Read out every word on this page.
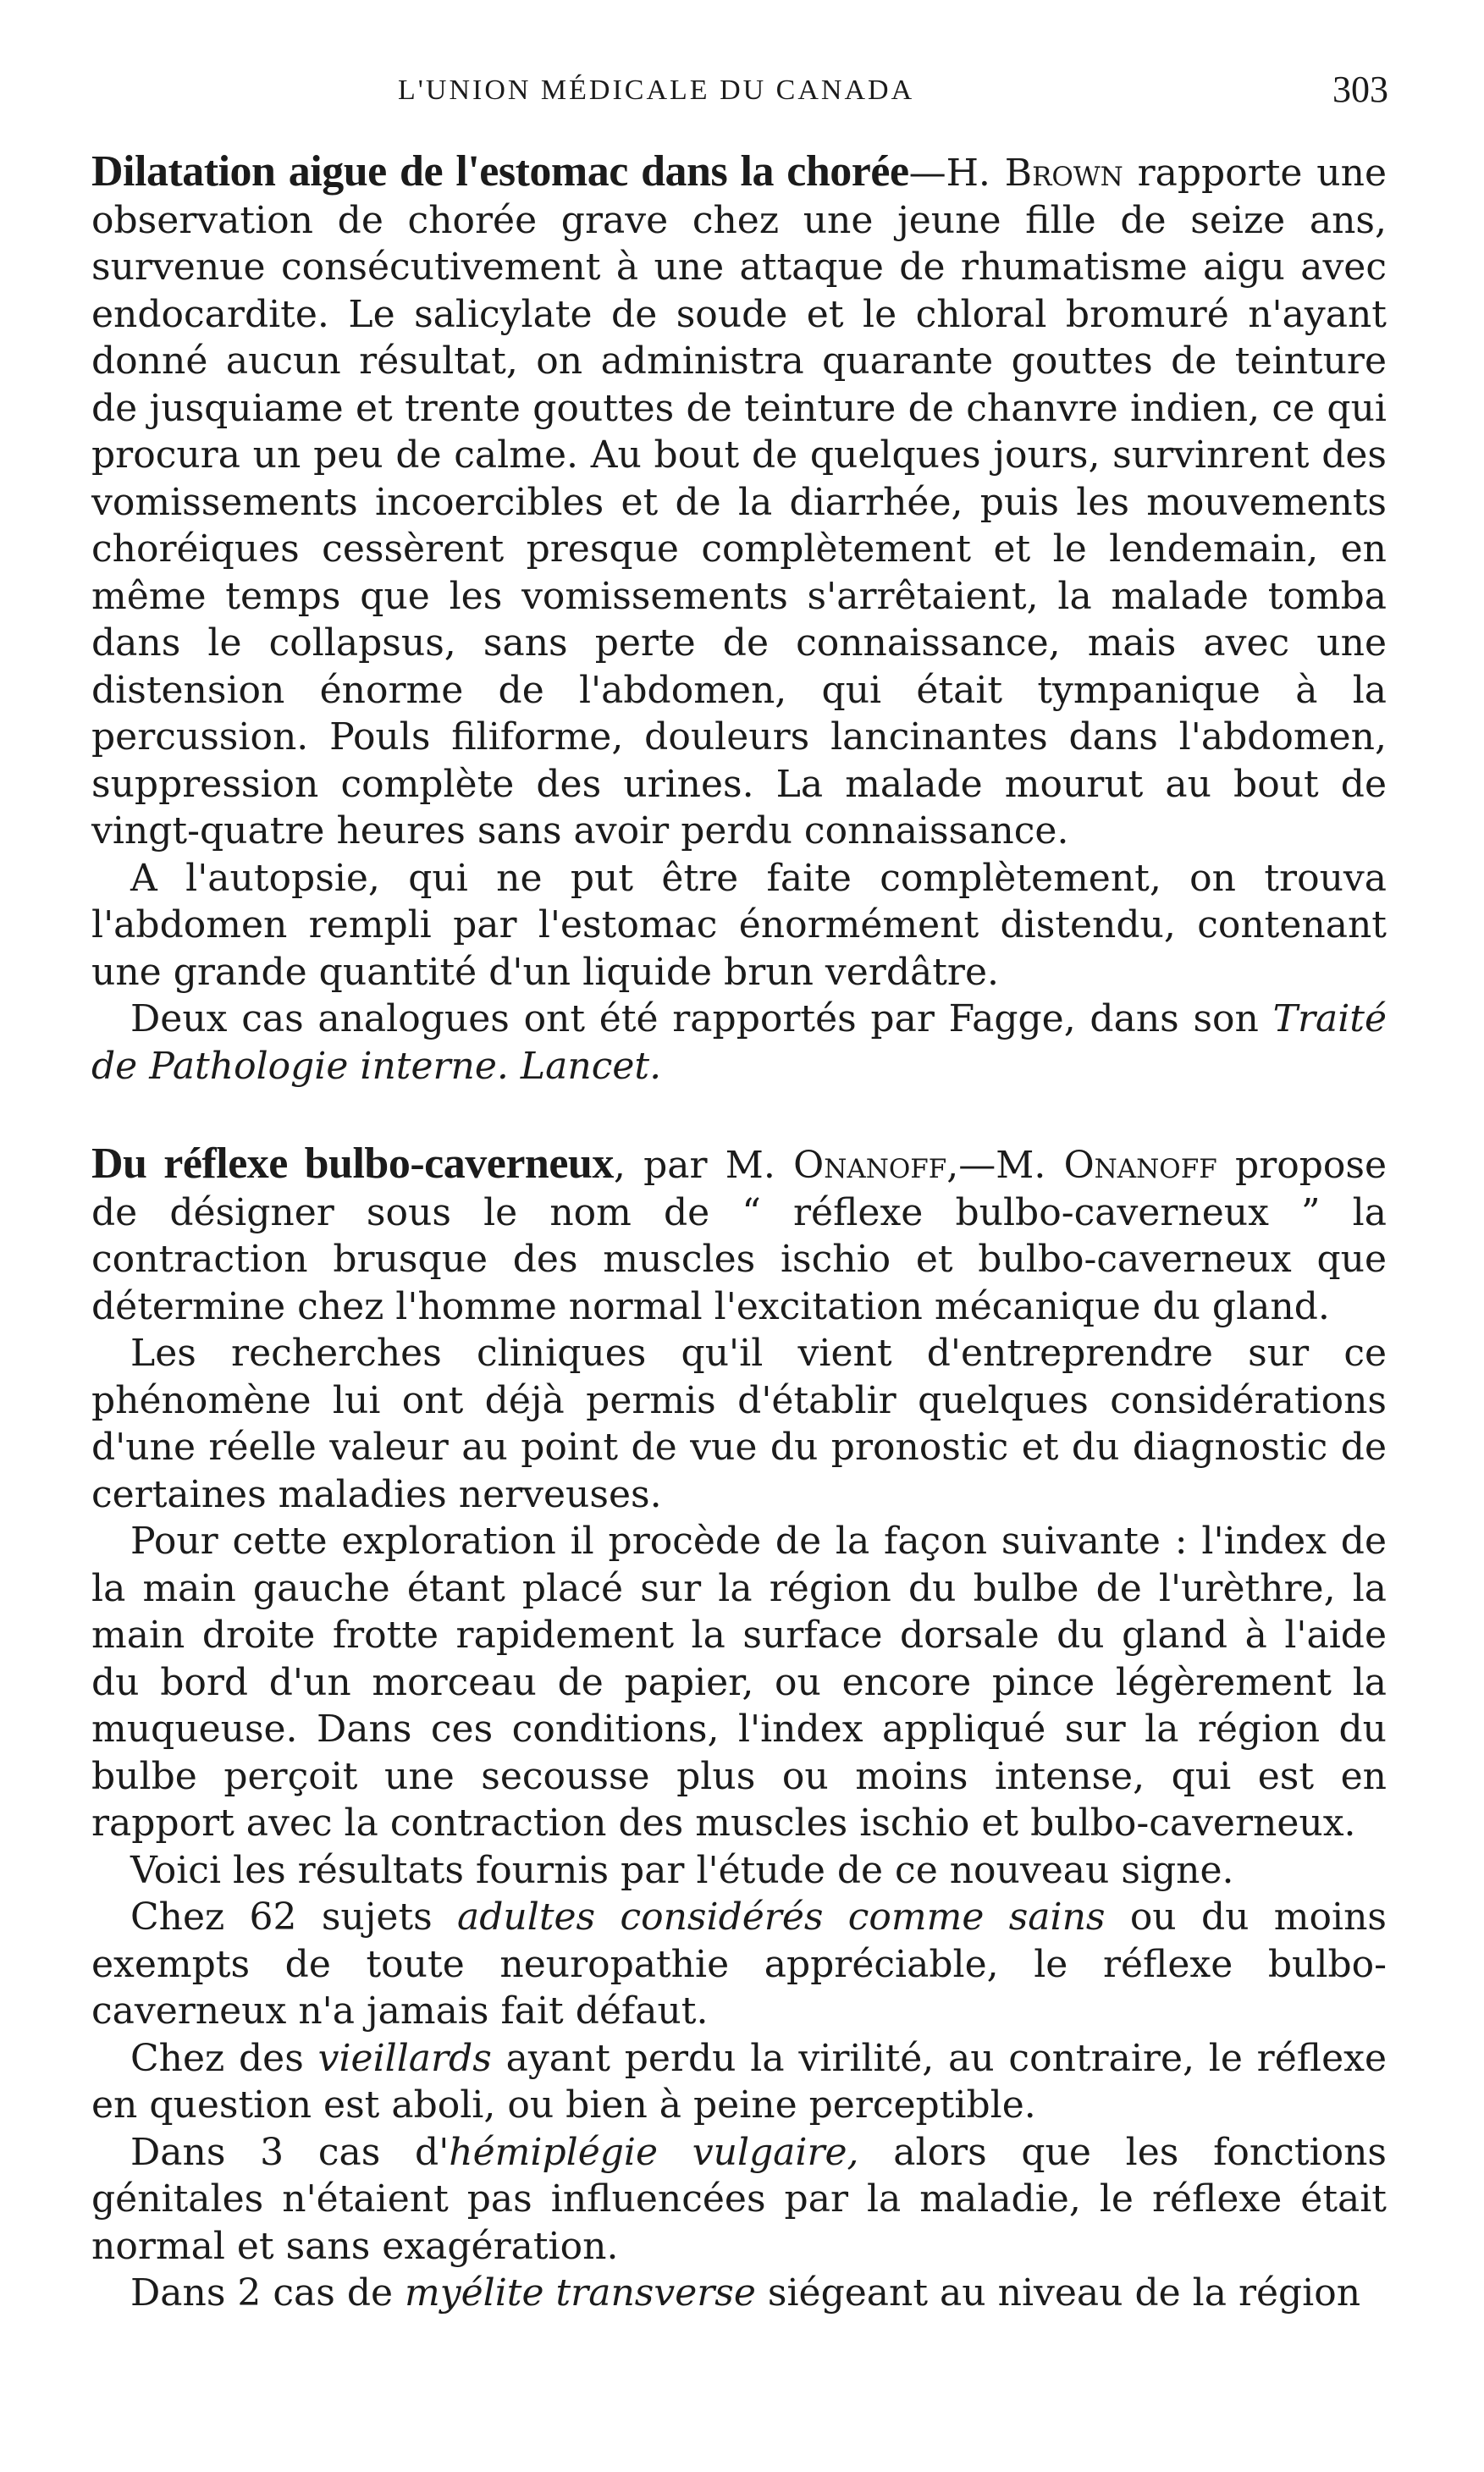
L'UNION MÉDICALE DU CANADA	303

Dilatation aigue de l'estomac dans la chorée—H. Brown rapporte une observation de chorée grave chez une jeune fille de seize ans, survenue consécutivement à une attaque de rhumatisme aigu avec endocardite. Le salicylate de soude et le chloral bromuré n'ayant donné aucun résultat, on administra quarante gouttes de teinture de jusquiame et trente gouttes de teinture de chanvre indien, ce qui procura un peu de calme. Au bout de quelques jours, survinrent des vomissements incoercibles et de la diarrhée, puis les mouvements choréiques cessèrent presque complètement et le lendemain, en même temps que les vomissements s'arrêtaient, la malade tomba dans le collapsus, sans perte de connaissance, mais avec une distension énorme de l'abdomen, qui était tympanique à la percussion. Pouls filiforme, douleurs lancinantes dans l'abdomen, suppression complète des urines. La malade mourut au bout de vingt-quatre heures sans avoir perdu connaissance.

A l'autopsie, qui ne put être faite complètement, on trouva l'abdomen rempli par l'estomac énormément distendu, contenant une grande quantité d'un liquide brun verdâtre.

Deux cas analogues ont été rapportés par Fagge, dans son Traité de Pathologie interne. Lancet.

Du réflexe bulbo-caverneux, par M. Onanoff,—M. Onanoff propose de désigner sous le nom de “ réflexe bulbo-caverneux ” la contraction brusque des muscles ischio et bulbo-caverneux que détermine chez l'homme normal l'excitation mécanique du gland.

Les recherches cliniques qu'il vient d'entreprendre sur ce phénomène lui ont déjà permis d'établir quelques considérations d'une réelle valeur au point de vue du pronostic et du diagnostic de certaines maladies nerveuses.

Pour cette exploration il procède de la façon suivante : l'index de la main gauche étant placé sur la région du bulbe de l'urèthre, la main droite frotte rapidement la surface dorsale du gland à l'aide du bord d'un morceau de papier, ou encore pince légèrement la muqueuse. Dans ces conditions, l'index appliqué sur la région du bulbe perçoit une secousse plus ou moins intense, qui est en rapport avec la contraction des muscles ischio et bulbo-caverneux.

Voici les résultats fournis par l'étude de ce nouveau signe.

Chez 62 sujets adultes considérés comme sains ou du moins exempts de toute neuropathie appréciable, le réflexe bulbo-caverneux n'a jamais fait défaut.

Chez des vieillards ayant perdu la virilité, au contraire, le réflexe en question est aboli, ou bien à peine perceptible.

Dans 3 cas d'hémiplégie vulgaire, alors que les fonctions génitales n'étaient pas influencées par la maladie, le réflexe était normal et sans exagération.

Dans 2 cas de myélite transverse siégeant au niveau de la région
